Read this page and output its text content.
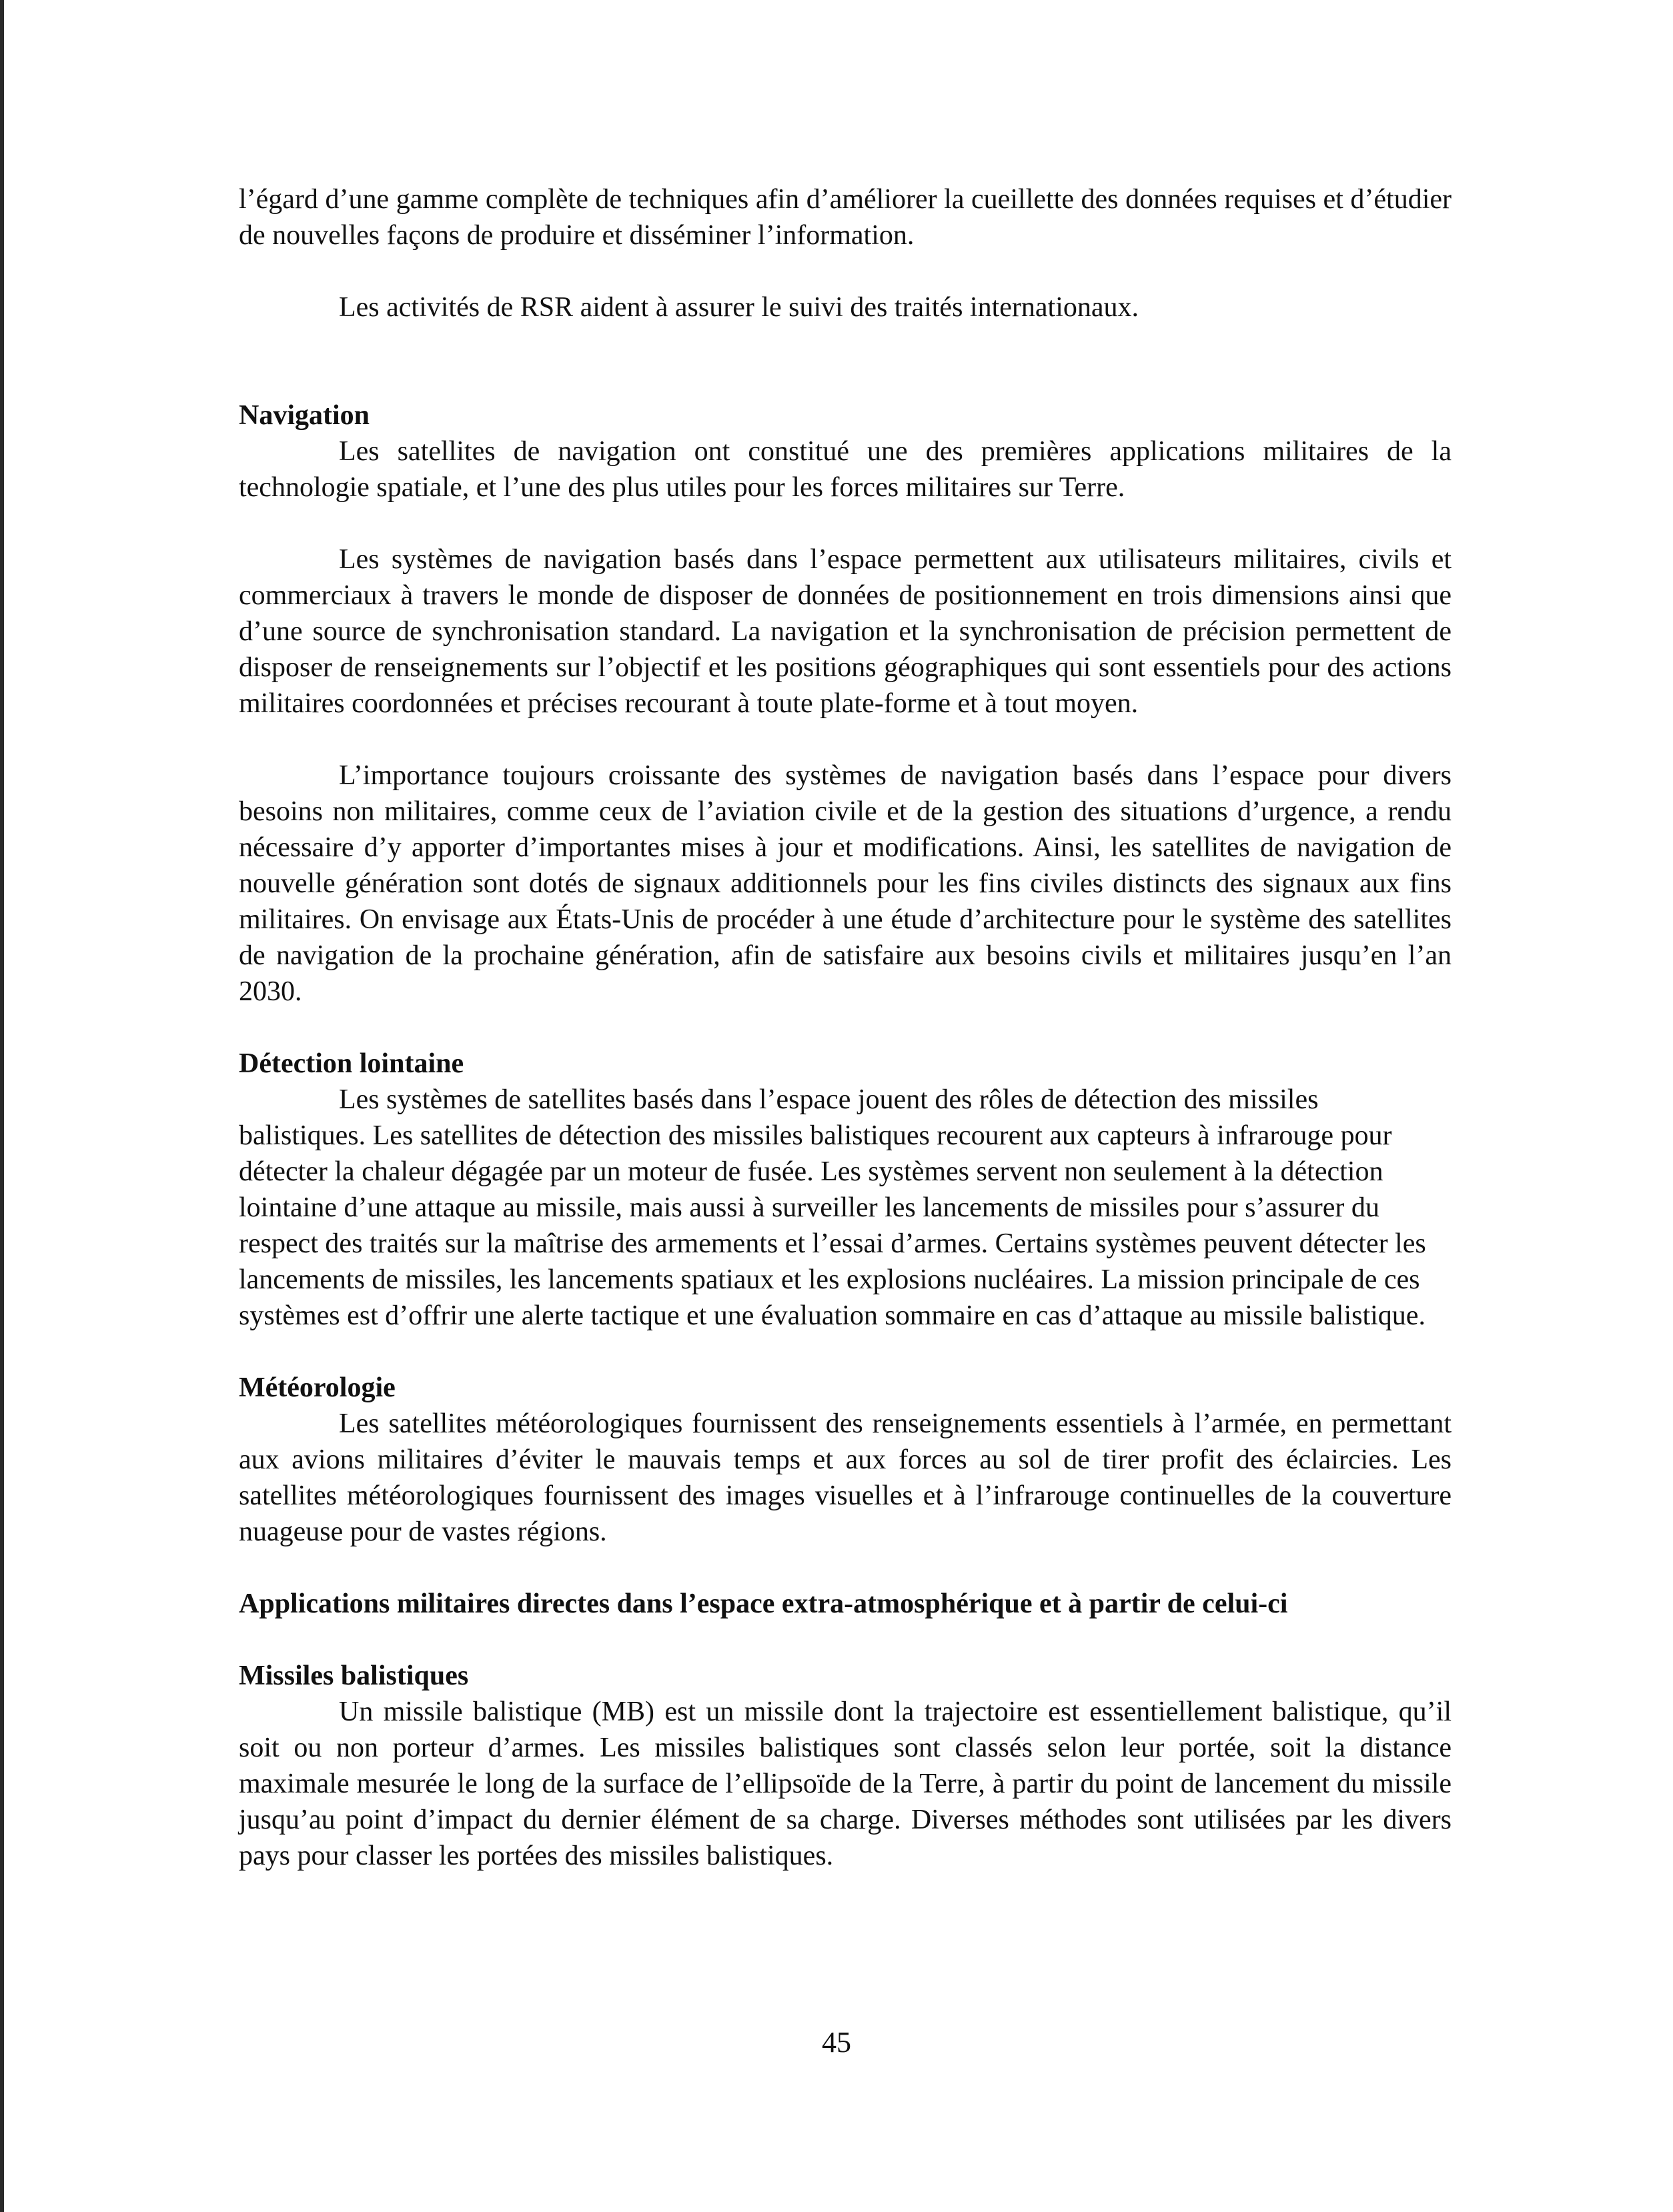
l’égard d’une gamme complète de techniques afin d’améliorer la cueillette des données requises et d’étudier de nouvelles façons de produire et disséminer l’information.

Les activités de RSR aident à assurer le suivi des traités internationaux.

Navigation

Les satellites de navigation ont constitué une des premières applications militaires de la technologie spatiale, et l’une des plus utiles pour les forces militaires sur Terre.

Les systèmes de navigation basés dans l’espace permettent aux utilisateurs militaires, civils et commerciaux à travers le monde de disposer de données de positionnement en trois dimensions ainsi que d’une source de synchronisation standard. La navigation et la synchronisation de précision permettent de disposer de renseignements sur l’objectif et les positions géographiques qui sont essentiels pour des actions militaires coordonnées et précises recourant à toute plate-forme et à tout moyen.

L’importance toujours croissante des systèmes de navigation basés dans l’espace pour divers besoins non militaires, comme ceux de l’aviation civile et de la gestion des situations d’urgence, a rendu nécessaire d’y apporter d’importantes mises à jour et modifications. Ainsi, les satellites de navigation de nouvelle génération sont dotés de signaux additionnels pour les fins civiles distincts des signaux aux fins militaires. On envisage aux États-Unis de procéder à une étude d’architecture pour le système des satellites de navigation de la prochaine génération, afin de satisfaire aux besoins civils et militaires jusqu’en l’an 2030.

Détection lointaine

Les systèmes de satellites basés dans l’espace jouent des rôles de détection des missiles balistiques. Les satellites de détection des missiles balistiques recourent aux capteurs à infrarouge pour détecter la chaleur dégagée par un moteur de fusée. Les systèmes servent non seulement à la détection lointaine d’une attaque au missile, mais aussi à surveiller les lancements de missiles pour s’assurer du respect des traités sur la maîtrise des armements et l’essai d’armes. Certains systèmes peuvent détecter les lancements de missiles, les lancements spatiaux et les explosions nucléaires. La mission principale de ces systèmes est d’offrir une alerte tactique et une évaluation sommaire en cas d’attaque au missile balistique.

Météorologie

Les satellites météorologiques fournissent des renseignements essentiels à l’armée, en permettant aux avions militaires d’éviter le mauvais temps et aux forces au sol de tirer profit des éclaircies. Les satellites météorologiques fournissent des images visuelles et à l’infrarouge continuelles de la couverture nuageuse pour de vastes régions.

Applications militaires directes dans l’espace extra-atmosphérique et à partir de celui-ci
Missiles balistiques

Un missile balistique (MB) est un missile dont la trajectoire est essentiellement balistique, qu’il soit ou non porteur d’armes. Les missiles balistiques sont classés selon leur portée, soit la distance maximale mesurée le long de la surface de l’ellipsoïde de la Terre, à partir du point de lancement du missile jusqu’au point d’impact du dernier élément de sa charge. Diverses méthodes sont utilisées par les divers pays pour classer les portées des missiles balistiques.

45
